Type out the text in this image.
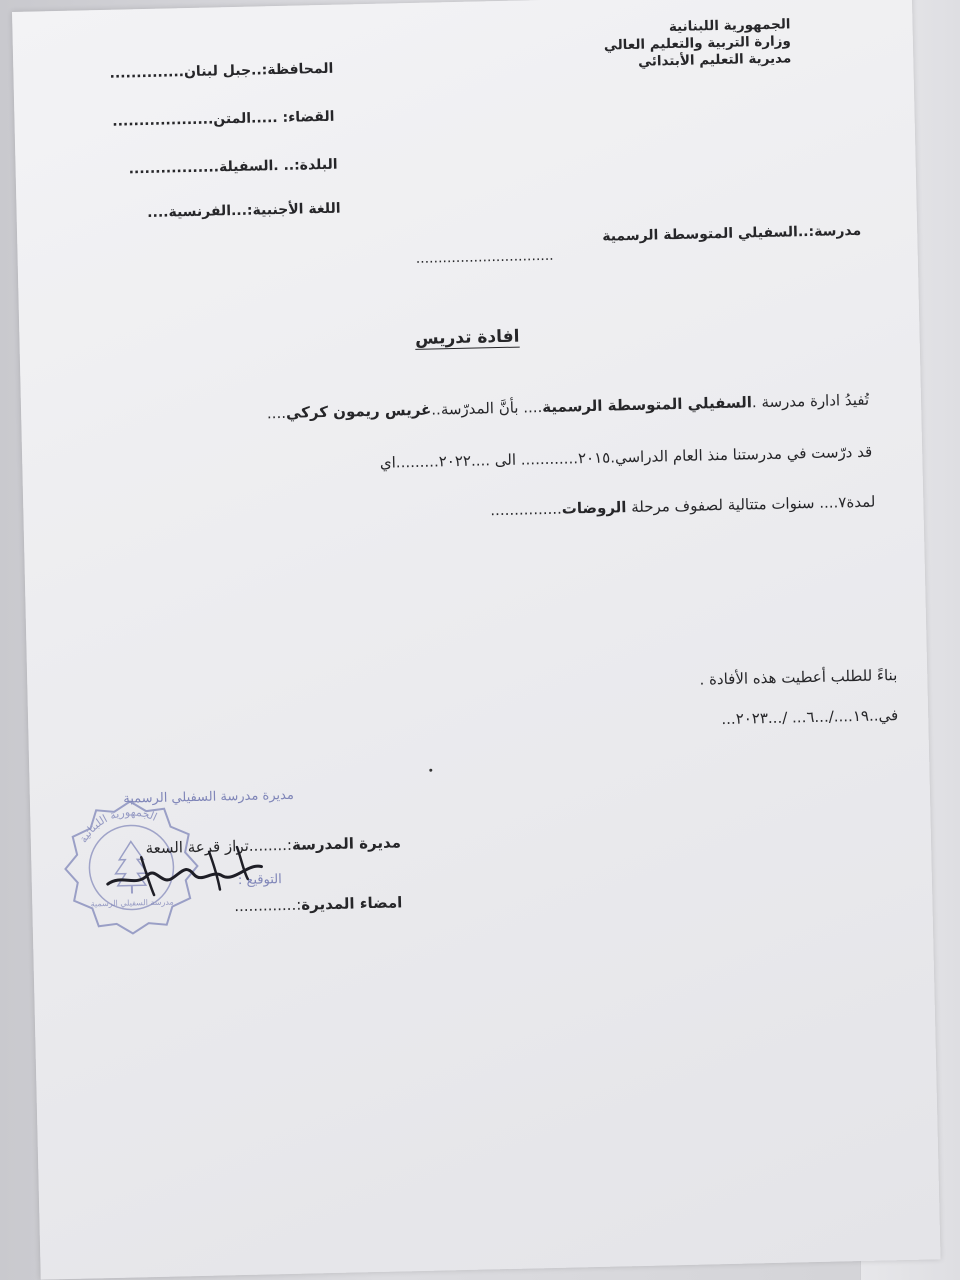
الجمهورية اللبنانية
وزارة التربية والتعليم العالي
مديرية التعليم الأبتدائي
المحافظة:..جبل لبنان..............
القضاء: .....المتن...................
البلدة:.. .السفيلة.................
اللغة الأجنبية:...الفرنسية....
مدرسة:..السفيلي المتوسطة الرسمية
...............................
افادة تدريس
تُفيدُ ادارة مدرسة .السفيلي المتوسطة الرسمية.... بأنَّ المدرّسة..غريس ريمون كركي....
قد درّست في مدرستنا منذ العام الدراسي.٢٠١٥............ الى ....٢٠٢٢.........اي
لمدة٧.... سنوات متتالية لصفوف مرحلة الروضات...............
بناءً للطلب أعطيت هذه الأفادة .
في..١٩..../...٦... /...٢٠٢٣...
الجمهورية اللبنانية
مدرسة السفيلي الرسمية
مديرة مدرسة السفيلي الرسمية
التوقيع :
مديرة المدرسة:........تراز قرعة السعة
امضاء المديرة:.............
